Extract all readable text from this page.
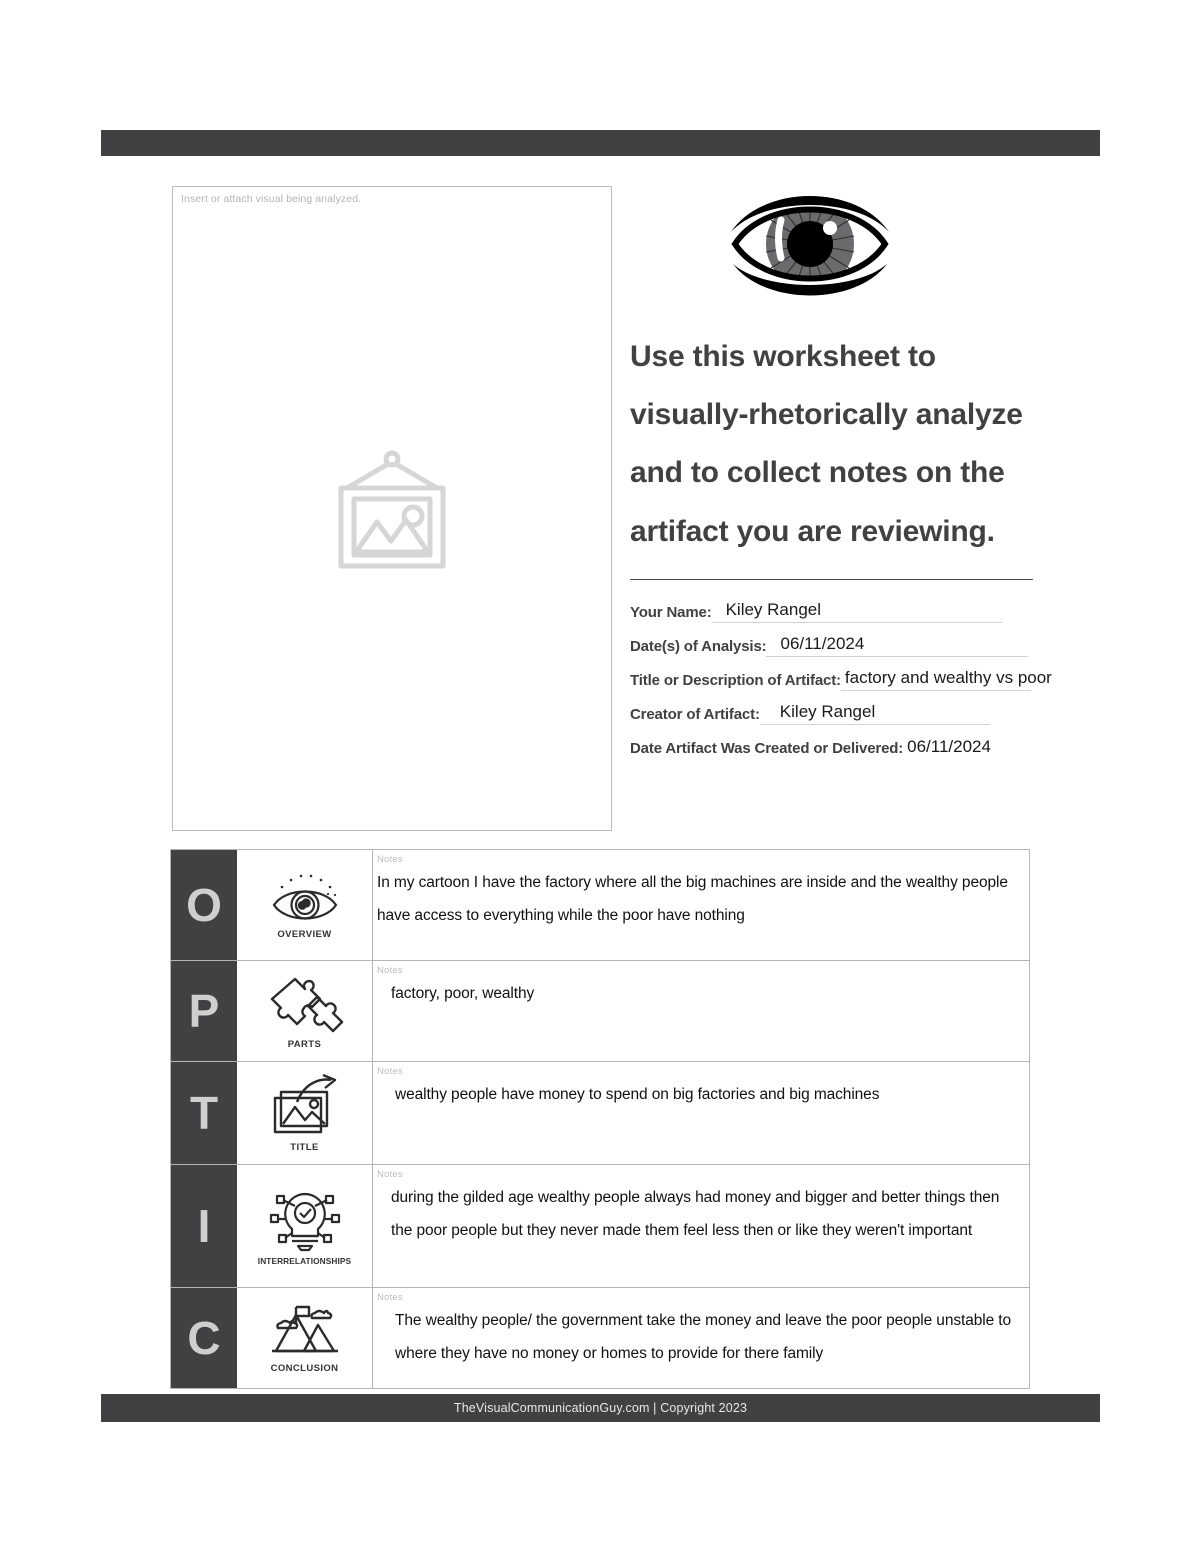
Insert or attach visual being analyzed.
Use this worksheet to visually-rhetorically analyze and to collect notes on the artifact you are reviewing.
Your Name: Kiley Rangel
Date(s) of Analysis: 06/11/2024
Title or Description of Artifact: factory and wealthy vs poor
Creator of Artifact:	Kiley Rangel
Date Artifact Was Created or Delivered: 06/11/2024
O
OVERVIEW
Notes
In my cartoon I have the factory where all the big machines are inside and the wealthy people have access to everything while the poor have nothing
P
PARTS
Notes
factory, poor, wealthy
T
TITLE
Notes
wealthy people have money to spend on big factories and big machines
I
INTERRELATIONSHIPS
Notes
during the gilded age wealthy people always had money and bigger and better things then the poor people but they never made them feel less then or like they weren't important
C
CONCLUSION
Notes
The wealthy people/ the government take the money and leave the poor people unstable to where they have no money or homes to provide for there family
TheVisualCommunicationGuy.com | Copyright 2023
